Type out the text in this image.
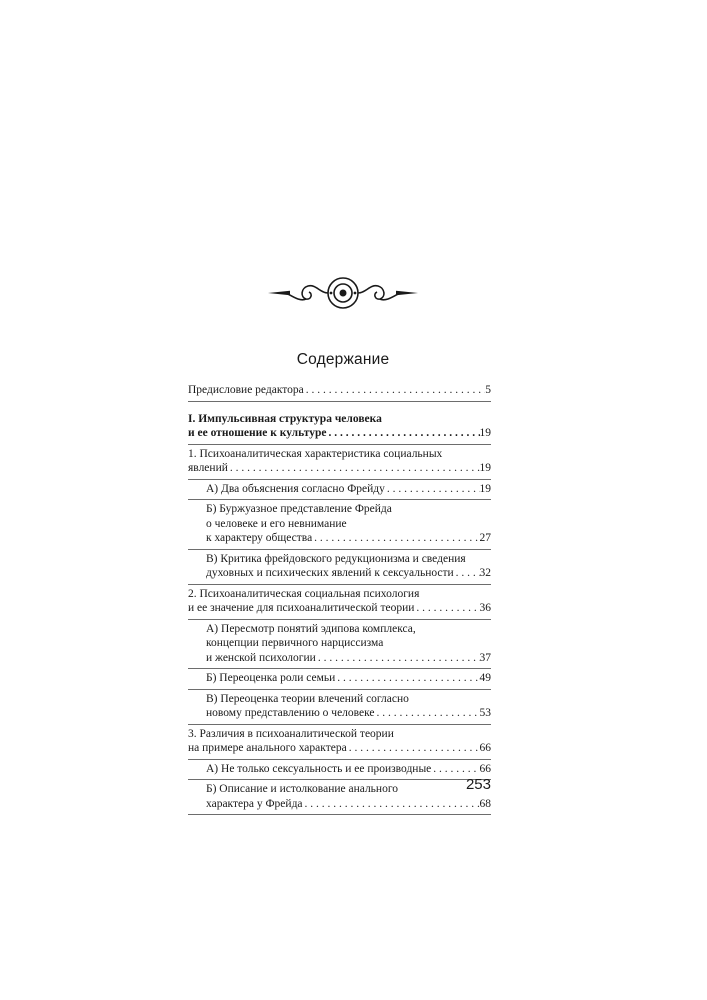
Содержание
Предисловие редактора . . .	5
I. Импульсивная структура человека
и ее отношение к культуре . . .	19
1. Психоаналитическая характеристика социальных
явлений . . .	19
А) Два объяснения согласно Фрейду . . .	19
Б) Буржуазное представление Фрейда
о человеке и его невнимание
к характеру общества . . .	27
В) Критика фрейдовского редукционизма и сведения
духовных и психических явлений к сексуальности . . . 32
2. Психоаналитическая социальная психология
и ее значение для психоаналитической теории . . .	36
А) Пересмотр понятий эдипова комплекса,
концепции первичного нарциссизма
и женской психологии . . .	37
Б) Переоценка роли семьи . . .	49
В) Переоценка теории влечений согласно
новому представлению о человеке . . .	53
3. Различия в психоаналитической теории
на примере анального характера . . .	66
А) Не только сексуальность и ее производные . . .	66
Б) Описание и истолкование анального
характера у Фрейда . . .	68
253
